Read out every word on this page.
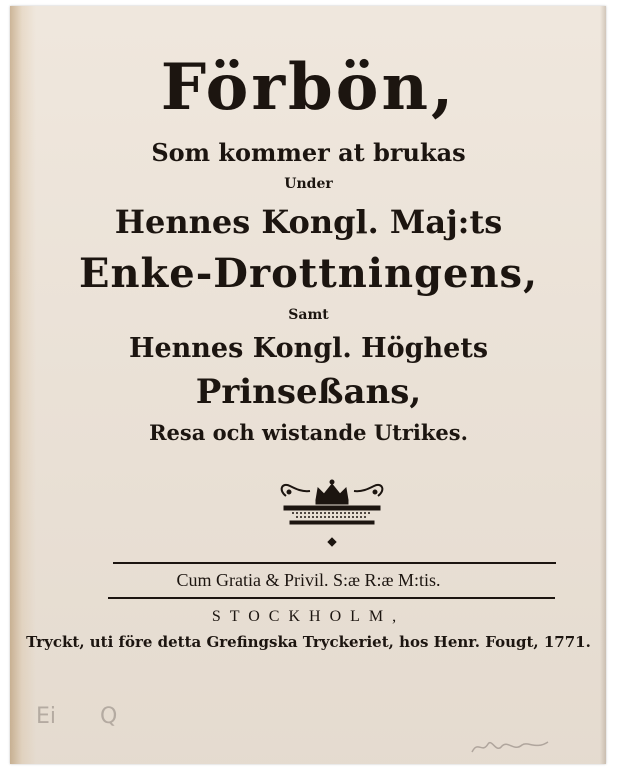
Förbön,
Som kommer at brukas
Under
Hennes Kongl. Maj:ts
Enke-Drottningens,
Samt
Hennes Kongl. Höghets
Prinseßans,
Resa och wistande Utrikes.
Cum Gratia & Privil. S:æ R:æ M:tis.
STOCKHOLM,
Tryckt, uti före detta Grefingska Tryckeriet, hos Henr. Fougt, 1771.
Ei Q
